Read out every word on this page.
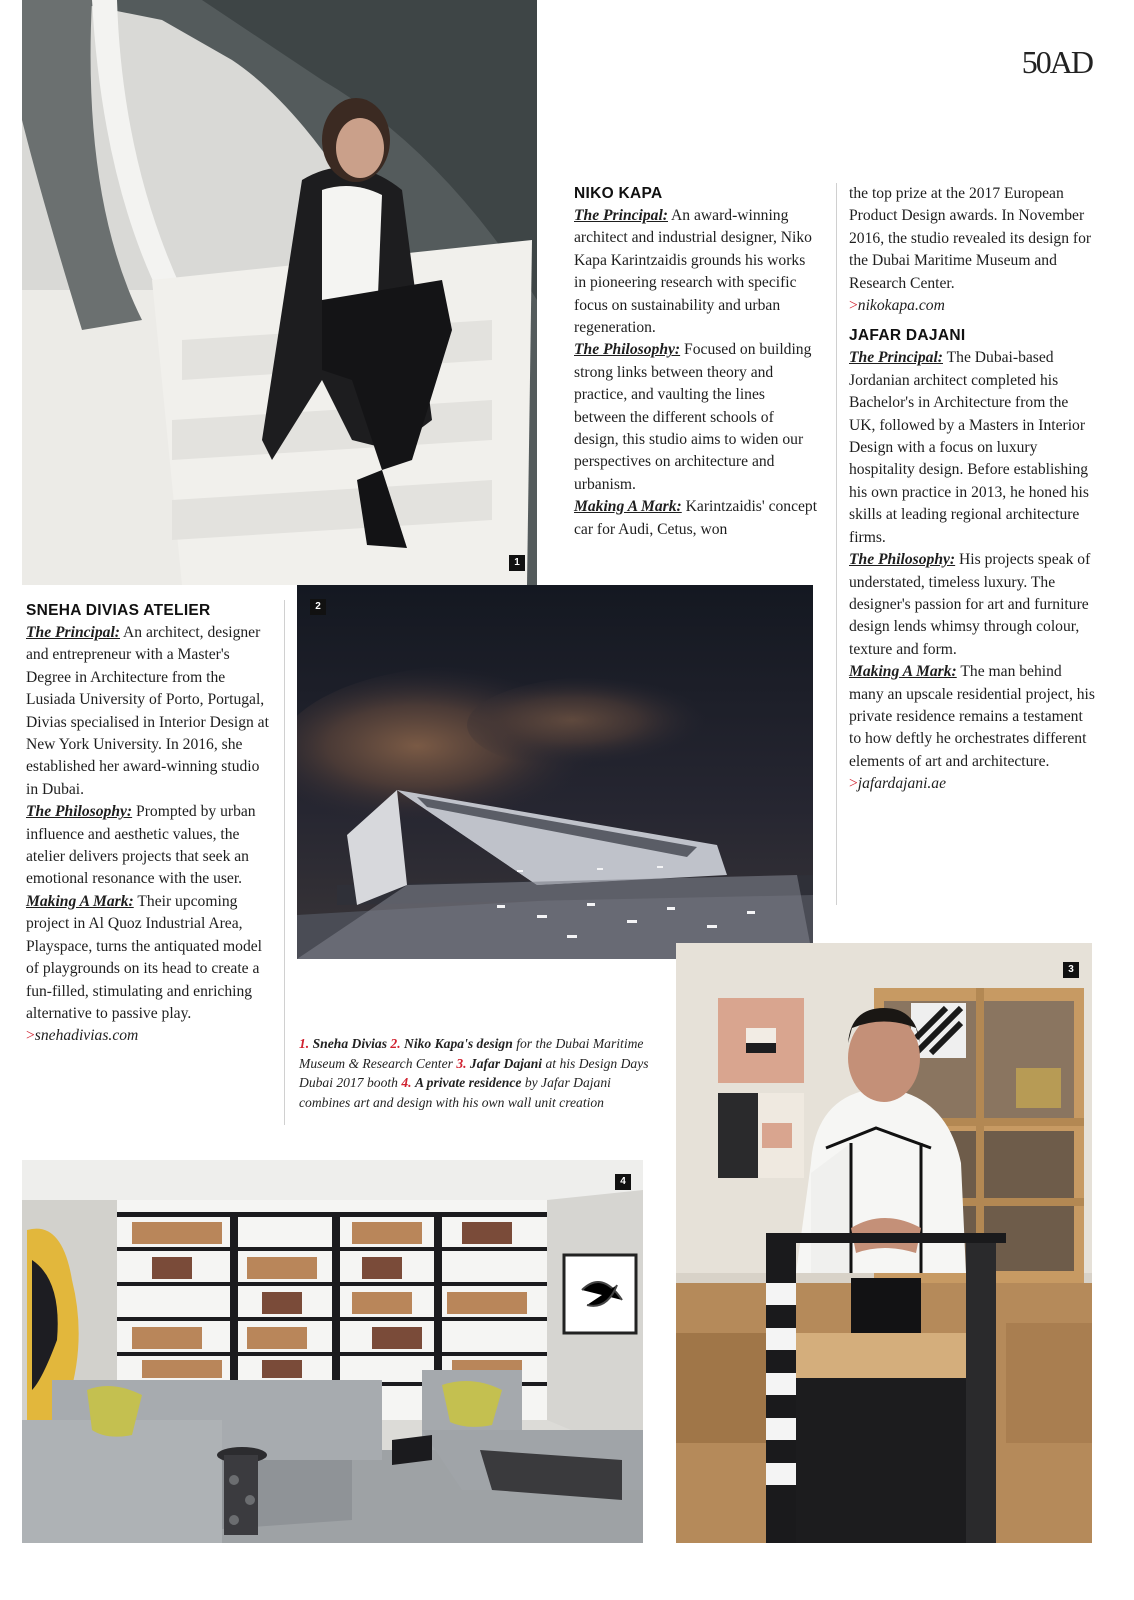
50AD
1
2
4
3

SNEHA DIVIAS ATELIER

The Principal: An architect, designer and entrepreneur with a Master's Degree in Architecture from the Lusiada University of Porto, Portugal, Divias specialised in Interior Design at New York University. In 2016, she established her award-winning studio in Dubai.

The Philosophy: Prompted by urban influence and aesthetic values, the atelier delivers projects that seek an emotional resonance with the user.

Making A Mark: Their upcoming project in Al Quoz Industrial Area, Playspace, turns the antiquated model of playgrounds on its head to create a fun-filled, stimulating and enriching alternative to passive play.

>snehadivias.com

NIKO KAPA

The Principal: An award-winning architect and industrial designer, Niko Kapa Karintzaidis grounds his works in pioneering research with specific focus on sustainability and urban regeneration.

The Philosophy: Focused on building strong links between theory and practice, and vaulting the lines between the different schools of design, this studio aims to widen our perspectives on architecture and urbanism.

Making A Mark: Karintzaidis' concept car for Audi, Cetus, won

the top prize at the 2017 European Product Design awards. In November 2016, the studio revealed its design for the Dubai Maritime Museum and Research Center.

>nikokapa.com

JAFAR DAJANI

The Principal: The Dubai-based Jordanian architect completed his Bachelor's in Architecture from the UK, followed by a Masters in Interior Design with a focus on luxury hospitality design. Before establishing his own practice in 2013, he honed his skills at leading regional architecture firms.

The Philosophy: His projects speak of understated, timeless luxury. The designer's passion for art and furniture design lends whimsy through colour, texture and form.

Making A Mark: The man behind many an upscale residential project, his private residence remains a testament to how deftly he orchestrates different elements of art and architecture.

>jafardajani.ae

1. Sneha Divias 2. Niko Kapa's design for the Dubai Maritime Museum & Research Center 3. Jafar Dajani at his Design Days Dubai 2017 booth 4. A private residence by Jafar Dajani combines art and design with his own wall unit creation
